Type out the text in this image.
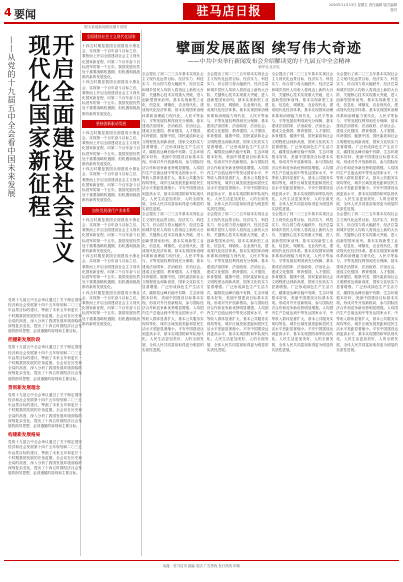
4 要闻	驻马店日报	2020年11月13日 星期五 责任编辑 版式编辑 校对
图为某地新闻现场图片说明
开启全面建设社会主义现代化国家新征程
——从党的十九届五中全会看中国未来发展

党的十九届五中全会审议通过了关于制定国民经济和社会发展第十四个五年规划和二〇三五年远景目标的建议，擘画了未来五年和更长一个时期我国发展的宏伟蓝图。全会站在历史和全局的高度，深入分析了我国发展环境面临的深刻复杂变化，提出了十四五时期经济社会发展的指导思想、必须遵循的原则和主要目标。

把握新发展阶段

党的十九届五中全会审议通过了关于制定国民经济和社会发展第十四个五年规划和二〇三五年远景目标的建议，擘画了未来五年和更长一个时期我国发展的宏伟蓝图。全会站在历史和全局的高度，深入分析了我国发展环境面临的深刻复杂变化，提出了十四五时期经济社会发展的指导思想、必须遵循的原则和主要目标。

贯彻新发展理念

党的十九届五中全会审议通过了关于制定国民经济和社会发展第十四个五年规划和二〇三五年远景目标的建议，擘画了未来五年和更长一个时期我国发展的宏伟蓝图。全会站在历史和全局的高度，深入分析了我国发展环境面临的深刻复杂变化，提出了十四五时期经济社会发展的指导思想、必须遵循的原则和主要目标。

构建新发展格局

党的十九届五中全会审议通过了关于制定国民经济和社会发展第十四个五年规划和二〇三五年远景目标的建议，擘画了未来五年和更长一个时期我国发展的宏伟蓝图。全会站在历史和全局的高度，深入分析了我国发展环境面临的深刻复杂变化，提出了十四五时期经济社会发展的指导思想、必须遵循的原则和主要目标。

全面建设社会主义现代化国家

十四五时期是我国全面建成小康社会、实现第一个百年奋斗目标之后，乘势而上开启全面建设社会主义现代化国家新征程、向第二个百年奋斗目标进军的第一个五年。我国发展仍然处于重要战略机遇期，但机遇和挑战都有新的发展变化。

十四五时期是我国全面建成小康社会、实现第一个百年奋斗目标之后，乘势而上开启全面建设社会主义现代化国家新征程、向第二个百年奋斗目标进军的第一个五年。我国发展仍然处于重要战略机遇期，但机遇和挑战都有新的发展变化。

坚持创新驱动发展

十四五时期是我国全面建成小康社会、实现第一个百年奋斗目标之后，乘势而上开启全面建设社会主义现代化国家新征程、向第二个百年奋斗目标进军的第一个五年。我国发展仍然处于重要战略机遇期，但机遇和挑战都有新的发展变化。

十四五时期是我国全面建成小康社会、实现第一个百年奋斗目标之后，乘势而上开启全面建设社会主义现代化国家新征程、向第二个百年奋斗目标进军的第一个五年。我国发展仍然处于重要战略机遇期，但机遇和挑战都有新的发展变化。

加快发展现代产业体系

十四五时期是我国全面建成小康社会、实现第一个百年奋斗目标之后，乘势而上开启全面建设社会主义现代化国家新征程、向第二个百年奋斗目标进军的第一个五年。我国发展仍然处于重要战略机遇期，但机遇和挑战都有新的发展变化。

十四五时期是我国全面建成小康社会、实现第一个百年奋斗目标之后，乘势而上开启全面建设社会主义现代化国家新征程、向第二个百年奋斗目标进军的第一个五年。我国发展仍然处于重要战略机遇期，但机遇和挑战都有新的发展变化。

十四五时期是我国全面建成小康社会、实现第一个百年奋斗目标之后，乘势而上开启全面建设社会主义现代化国家新征程、向第二个百年奋斗目标进军的第一个五年。我国发展仍然处于重要战略机遇期，但机遇和挑战都有新的发展变化。

擘画发展蓝图 续写伟大奇迹
——中共中央举行新闻发布会介绍解读党的十九届五中全会精神
新华社北京电

全会提出了到二〇三五年基本实现社会主义现代化远景目标，经济实力、科技实力、综合国力将大幅跃升，经济总量和城乡居民人均收入将再迈上新的大台阶，关键核心技术实现重大突破，进入创新型国家前列。基本实现新型工业化、信息化、城镇化、农业现代化，建成现代化经济体系。基本实现国家治理体系和治理能力现代化，人民平等参与、平等发展权利得到充分保障，基本建成法治国家、法治政府、法治社会。建成文化强国、教育强国、人才强国、体育强国、健康中国，国民素质和社会文明程度达到新高度，国家文化软实力显著增强。广泛形成绿色生产生活方式，碳排放达峰后稳中有降，生态环境根本好转，美丽中国建设目标基本实现。形成对外开放新格局，参与国际经济合作和竞争新优势明显增强。人均国内生产总值达到中等发达国家水平，中等收入群体显著扩大，基本公共服务实现均等化，城乡区域发展差距和居民生活水平差距显著缩小。平安中国建设达到更高水平，基本实现国防和军队现代化。人民生活更加美好，人的全面发展、全体人民共同富裕取得更为明显的实质性进展。

全会提出了到二〇三五年基本实现社会主义现代化远景目标，经济实力、科技实力、综合国力将大幅跃升，经济总量和城乡居民人均收入将再迈上新的大台阶，关键核心技术实现重大突破，进入创新型国家前列。基本实现新型工业化、信息化、城镇化、农业现代化，建成现代化经济体系。基本实现国家治理体系和治理能力现代化，人民平等参与、平等发展权利得到充分保障，基本建成法治国家、法治政府、法治社会。建成文化强国、教育强国、人才强国、体育强国、健康中国，国民素质和社会文明程度达到新高度，国家文化软实力显著增强。广泛形成绿色生产生活方式，碳排放达峰后稳中有降，生态环境根本好转，美丽中国建设目标基本实现。形成对外开放新格局，参与国际经济合作和竞争新优势明显增强。人均国内生产总值达到中等发达国家水平，中等收入群体显著扩大，基本公共服务实现均等化，城乡区域发展差距和居民生活水平差距显著缩小。平安中国建设达到更高水平，基本实现国防和军队现代化。人民生活更加美好，人的全面发展、全体人民共同富裕取得更为明显的实质性进展。

全会提出了到二〇三五年基本实现社会主义现代化远景目标，经济实力、科技实力、综合国力将大幅跃升，经济总量和城乡居民人均收入将再迈上新的大台阶，关键核心技术实现重大突破，进入创新型国家前列。基本实现新型工业化、信息化、城镇化、农业现代化，建成现代化经济体系。基本实现国家治理体系和治理能力现代化，人民平等参与、平等发展权利得到充分保障，基本建成法治国家、法治政府、法治社会。建成文化强国、教育强国、人才强国、体育强国、健康中国，国民素质和社会文明程度达到新高度，国家文化软实力显著增强。广泛形成绿色生产生活方式，碳排放达峰后稳中有降，生态环境根本好转，美丽中国建设目标基本实现。形成对外开放新格局，参与国际经济合作和竞争新优势明显增强。人均国内生产总值达到中等发达国家水平，中等收入群体显著扩大，基本公共服务实现均等化，城乡区域发展差距和居民生活水平差距显著缩小。平安中国建设达到更高水平，基本实现国防和军队现代化。人民生活更加美好，人的全面发展、全体人民共同富裕取得更为明显的实质性进展。

全会提出了到二〇三五年基本实现社会主义现代化远景目标，经济实力、科技实力、综合国力将大幅跃升，经济总量和城乡居民人均收入将再迈上新的大台阶，关键核心技术实现重大突破，进入创新型国家前列。基本实现新型工业化、信息化、城镇化、农业现代化，建成现代化经济体系。基本实现国家治理体系和治理能力现代化，人民平等参与、平等发展权利得到充分保障，基本建成法治国家、法治政府、法治社会。建成文化强国、教育强国、人才强国、体育强国、健康中国，国民素质和社会文明程度达到新高度，国家文化软实力显著增强。广泛形成绿色生产生活方式，碳排放达峰后稳中有降，生态环境根本好转，美丽中国建设目标基本实现。形成对外开放新格局，参与国际经济合作和竞争新优势明显增强。人均国内生产总值达到中等发达国家水平，中等收入群体显著扩大，基本公共服务实现均等化，城乡区域发展差距和居民生活水平差距显著缩小。平安中国建设达到更高水平，基本实现国防和军队现代化。人民生活更加美好，人的全面发展、全体人民共同富裕取得更为明显的实质性进展。

全会提出了到二〇三五年基本实现社会主义现代化远景目标，经济实力、科技实力、综合国力将大幅跃升，经济总量和城乡居民人均收入将再迈上新的大台阶，关键核心技术实现重大突破，进入创新型国家前列。基本实现新型工业化、信息化、城镇化、农业现代化，建成现代化经济体系。基本实现国家治理体系和治理能力现代化，人民平等参与、平等发展权利得到充分保障，基本建成法治国家、法治政府、法治社会。建成文化强国、教育强国、人才强国、体育强国、健康中国，国民素质和社会文明程度达到新高度，国家文化软实力显著增强。广泛形成绿色生产生活方式，碳排放达峰后稳中有降，生态环境根本好转，美丽中国建设目标基本实现。形成对外开放新格局，参与国际经济合作和竞争新优势明显增强。人均国内生产总值达到中等发达国家水平，中等收入群体显著扩大，基本公共服务实现均等化，城乡区域发展差距和居民生活水平差距显著缩小。平安中国建设达到更高水平，基本实现国防和军队现代化。人民生活更加美好，人的全面发展、全体人民共同富裕取得更为明显的实质性进展。

全会提出了到二〇三五年基本实现社会主义现代化远景目标，经济实力、科技实力、综合国力将大幅跃升，经济总量和城乡居民人均收入将再迈上新的大台阶，关键核心技术实现重大突破，进入创新型国家前列。基本实现新型工业化、信息化、城镇化、农业现代化，建成现代化经济体系。基本实现国家治理体系和治理能力现代化，人民平等参与、平等发展权利得到充分保障，基本建成法治国家、法治政府、法治社会。建成文化强国、教育强国、人才强国、体育强国、健康中国，国民素质和社会文明程度达到新高度，国家文化软实力显著增强。广泛形成绿色生产生活方式，碳排放达峰后稳中有降，生态环境根本好转，美丽中国建设目标基本实现。形成对外开放新格局，参与国际经济合作和竞争新优势明显增强。人均国内生产总值达到中等发达国家水平，中等收入群体显著扩大，基本公共服务实现均等化，城乡区域发展差距和居民生活水平差距显著缩小。平安中国建设达到更高水平，基本实现国防和军队现代化。人民生活更加美好，人的全面发展、全体人民共同富裕取得更为明显的实质性进展。

全会提出了到二〇三五年基本实现社会主义现代化远景目标，经济实力、科技实力、综合国力将大幅跃升，经济总量和城乡居民人均收入将再迈上新的大台阶，关键核心技术实现重大突破，进入创新型国家前列。基本实现新型工业化、信息化、城镇化、农业现代化，建成现代化经济体系。基本实现国家治理体系和治理能力现代化，人民平等参与、平等发展权利得到充分保障，基本建成法治国家、法治政府、法治社会。建成文化强国、教育强国、人才强国、体育强国、健康中国，国民素质和社会文明程度达到新高度，国家文化软实力显著增强。广泛形成绿色生产生活方式，碳排放达峰后稳中有降，生态环境根本好转，美丽中国建设目标基本实现。形成对外开放新格局，参与国际经济合作和竞争新优势明显增强。人均国内生产总值达到中等发达国家水平，中等收入群体显著扩大，基本公共服务实现均等化，城乡区域发展差距和居民生活水平差距显著缩小。平安中国建设达到更高水平，基本实现国防和军队现代化。人民生活更加美好，人的全面发展、全体人民共同富裕取得更为明显的实质性进展。

全会提出了到二〇三五年基本实现社会主义现代化远景目标，经济实力、科技实力、综合国力将大幅跃升，经济总量和城乡居民人均收入将再迈上新的大台阶，关键核心技术实现重大突破，进入创新型国家前列。基本实现新型工业化、信息化、城镇化、农业现代化，建成现代化经济体系。基本实现国家治理体系和治理能力现代化，人民平等参与、平等发展权利得到充分保障，基本建成法治国家、法治政府、法治社会。建成文化强国、教育强国、人才强国、体育强国、健康中国，国民素质和社会文明程度达到新高度，国家文化软实力显著增强。广泛形成绿色生产生活方式，碳排放达峰后稳中有降，生态环境根本好转，美丽中国建设目标基本实现。形成对外开放新格局，参与国际经济合作和竞争新优势明显增强。人均国内生产总值达到中等发达国家水平，中等收入群体显著扩大，基本公共服务实现均等化，城乡区域发展差距和居民生活水平差距显著缩小。平安中国建设达到更高水平，基本实现国防和军队现代化。人民生活更加美好，人的全面发展、全体人民共同富裕取得更为明显的实质性进展。

地址：驻马店市 邮编 电话 广告热线 发行热线 印刷
